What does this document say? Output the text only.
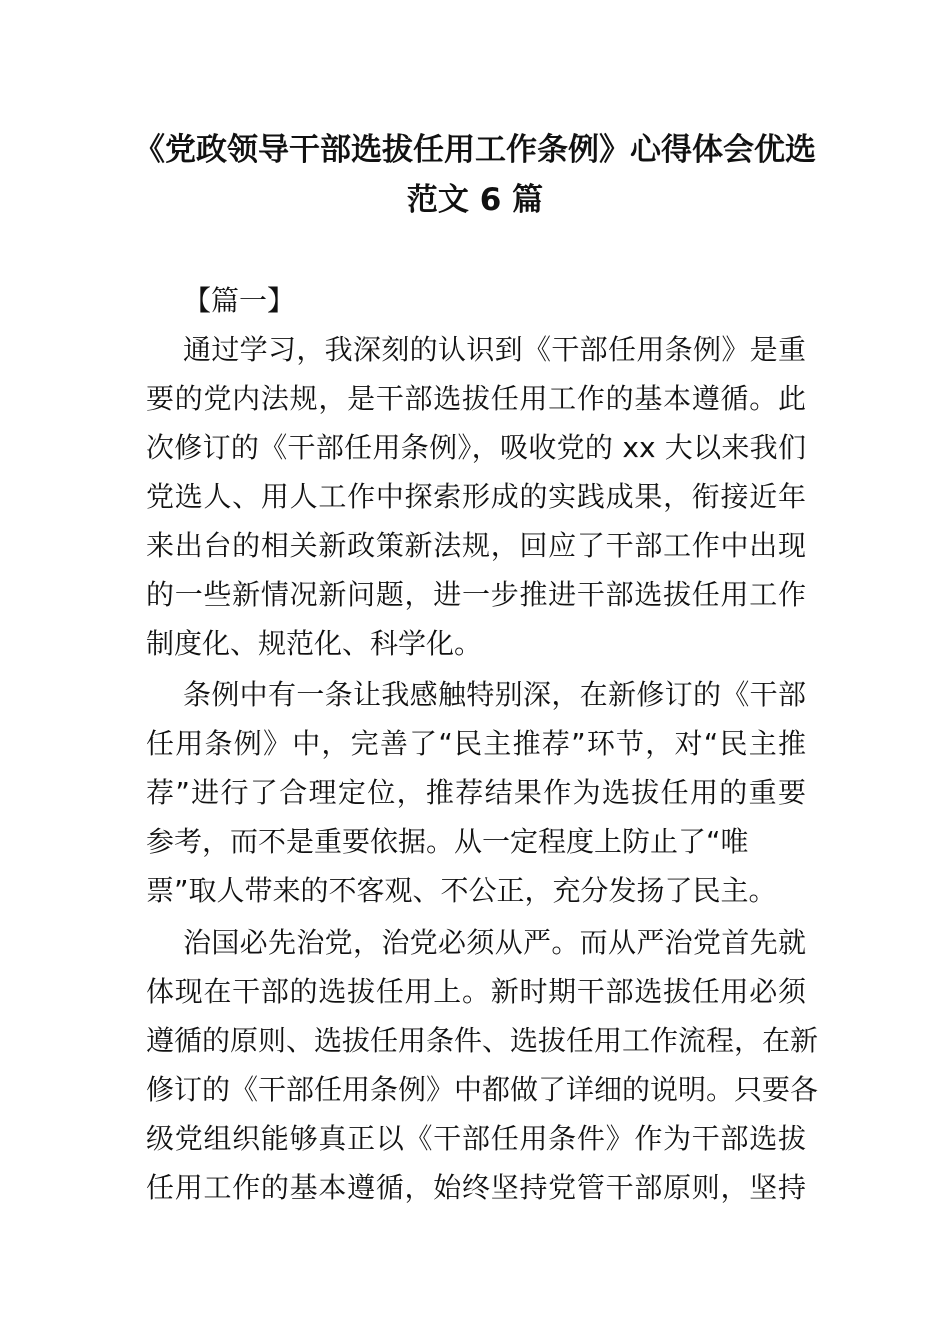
《党政领导干部选拔任用工作条例》心得体会优选
范文 6 篇
【篇一】
通过学习，我深刻的认识到《干部任用条例》是重
要的党内法规，是干部选拔任用工作的基本遵循。此
次修订的《干部任用条例》，吸收党的 xx 大以来我们
党选人、用人工作中探索形成的实践成果，衔接近年
来出台的相关新政策新法规，回应了干部工作中出现
的一些新情况新问题，进一步推进干部选拔任用工作
制度化、规范化、科学化。
条例中有一条让我感触特别深，在新修订的《干部
任用条例》中，完善了“民主推荐”环节，对“民主推
荐”进行了合理定位，推荐结果作为选拔任用的重要
参考，而不是重要依据。从一定程度上防止了“唯
票”取人带来的不客观、不公正，充分发扬了民主。
治国必先治党，治党必须从严。而从严治党首先就
体现在干部的选拔任用上。新时期干部选拔任用必须
遵循的原则、选拔任用条件、选拔任用工作流程，在新
修订的《干部任用条例》中都做了详细的说明。只要各
级党组织能够真正以《干部任用条件》作为干部选拔
任用工作的基本遵循，始终坚持党管干部原则，坚持
